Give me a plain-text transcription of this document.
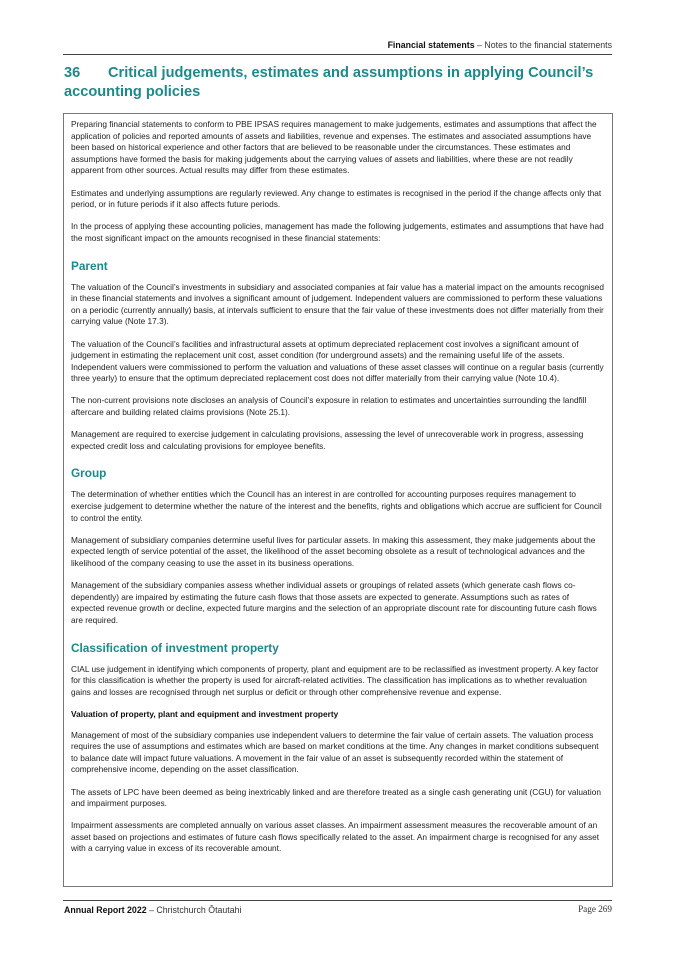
Financial statements – Notes to the financial statements
36 Critical judgements, estimates and assumptions in applying Council’s accounting policies

Preparing financial statements to conform to PBE IPSAS requires management to make judgements, estimates and assumptions that affect the application of policies and reported amounts of assets and liabilities, revenue and expenses. The estimates and associated assumptions have been based on historical experience and other factors that are believed to be reasonable under the circumstances. These estimates and assumptions have formed the basis for making judgements about the carrying values of assets and liabilities, where these are not readily apparent from other sources. Actual results may differ from these estimates.

Estimates and underlying assumptions are regularly reviewed. Any change to estimates is recognised in the period if the change affects only that period, or in future periods if it also affects future periods.

In the process of applying these accounting policies, management has made the following judgements, estimates and assumptions that have had the most significant impact on the amounts recognised in these financial statements:

Parent

The valuation of the Council’s investments in subsidiary and associated companies at fair value has a material impact on the amounts recognised in these financial statements and involves a significant amount of judgement. Independent valuers are commissioned to perform these valuations on a periodic (currently annually) basis, at intervals sufficient to ensure that the fair value of these investments does not differ materially from their carrying value (Note 17.3).

The valuation of the Council’s facilities and infrastructural assets at optimum depreciated replacement cost involves a significant amount of judgement in estimating the replacement unit cost, asset condition (for underground assets) and the remaining useful life of the assets. Independent valuers were commissioned to perform the valuation and valuations of these asset classes will continue on a regular basis (currently three yearly) to ensure that the optimum depreciated replacement cost does not differ materially from their carrying value (Note 10.4).

The non-current provisions note discloses an analysis of Council’s exposure in relation to estimates and uncertainties surrounding the landfill aftercare and building related claims provisions (Note 25.1).

Management are required to exercise judgement in calculating provisions, assessing the level of unrecoverable work in progress, assessing expected credit loss and calculating provisions for employee benefits.

Group

The determination of whether entities which the Council has an interest in are controlled for accounting purposes requires management to exercise judgement to determine whether the nature of the interest and the benefits, rights and obligations which accrue are sufficient for Council to control the entity.

Management of subsidiary companies determine useful lives for particular assets. In making this assessment, they make judgements about the expected length of service potential of the asset, the likelihood of the asset becoming obsolete as a result of technological advances and the likelihood of the company ceasing to use the asset in its business operations.

Management of the subsidiary companies assess whether individual assets or groupings of related assets (which generate cash flows co-dependently) are impaired by estimating the future cash flows that those assets are expected to generate. Assumptions such as rates of expected revenue growth or decline, expected future margins and the selection of an appropriate discount rate for discounting future cash flows are required.

Classification of investment property

CIAL use judgement in identifying which components of property, plant and equipment are to be reclassified as investment property. A key factor for this classification is whether the property is used for aircraft-related activities. The classification has implications as to whether revaluation gains and losses are recognised through net surplus or deficit or through other comprehensive revenue and expense.

Valuation of property, plant and equipment and investment property

Management of most of the subsidiary companies use independent valuers to determine the fair value of certain assets. The valuation process requires the use of assumptions and estimates which are based on market conditions at the time. Any changes in market conditions subsequent to balance date will impact future valuations. A movement in the fair value of an asset is subsequently recorded within the statement of comprehensive income, depending on the asset classification.

The assets of LPC have been deemed as being inextricably linked and are therefore treated as a single cash generating unit (CGU) for valuation and impairment purposes.

Impairment assessments are completed annually on various asset classes. An impairment assessment measures the recoverable amount of an asset based on projections and estimates of future cash flows specifically related to the asset. An impairment charge is recognised for any asset with a carrying value in excess of its recoverable amount.

Annual Report 2022 – Christchurch Ōtautahi	Page 269
